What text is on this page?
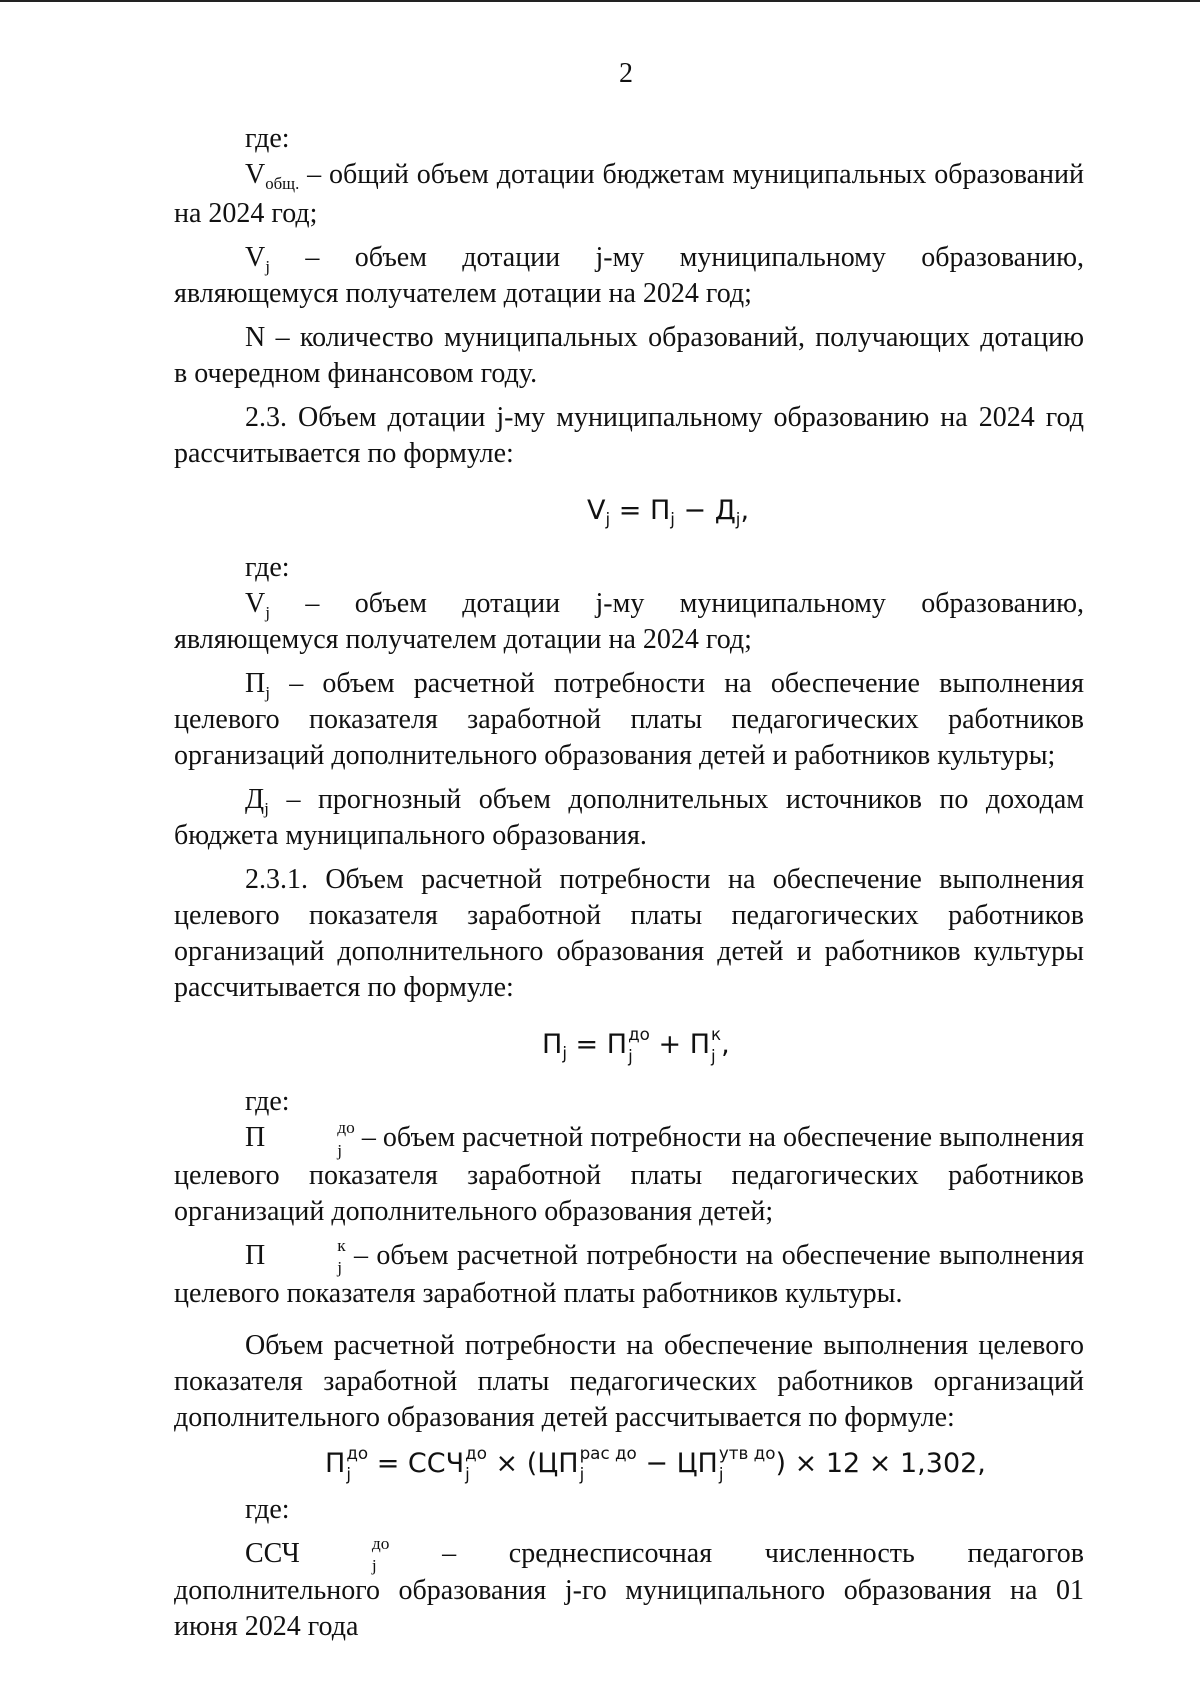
2

где:

$V_{общ.}$ – общий объем дотации бюджетам муниципальных образований на 2024 год;

$V_j$ – объем дотации j-му муниципальному образованию, являющемуся получателем дотации на 2024 год;

N – количество муниципальных образований, получающих дотацию в очередном финансовом году.

2.3. Объем дотации j-му муниципальному образованию на 2024 год рассчитывается по формуле:

$V_j = П_j - Д_j$,

где:

$V_j$ – объем дотации j-му муниципальному образованию, являющемуся получателем дотации на 2024 год;

$П_j$ – объем расчетной потребности на обеспечение выполнения целевого показателя заработной платы педагогических работников организаций дополнительного образования детей и работников культуры;

$Д_j$ – прогнозный объем дополнительных источников по доходам бюджета муниципального образования.

2.3.1. Объем расчетной потребности на обеспечение выполнения целевого показателя заработной платы педагогических работников организаций дополнительного образования детей и работников культуры рассчитывается по формуле:

$П_j = П$ до
j + П к
j ,

где:

П	до
j – объем расчетной потребности на обеспечение выполнения целевого показателя заработной платы педагогических работников организаций дополнительного образования детей;

П	к
j – объем расчетной потребности на обеспечение выполнения целевого показателя заработной платы работников культуры.

Объем расчетной потребности на обеспечение выполнения целевого показателя заработной платы педагогических работников организаций дополнительного образования детей рассчитывается по формуле:

П до
j = ССЧ до
j × (ЦП рас до
j	− ЦП утв до
j	) × 12 × 1,302,

где:

ССЧ	до
j – среднесписочная численность педагогов дополнительного образования j-го муниципального образования на 01 июня 2024 года
